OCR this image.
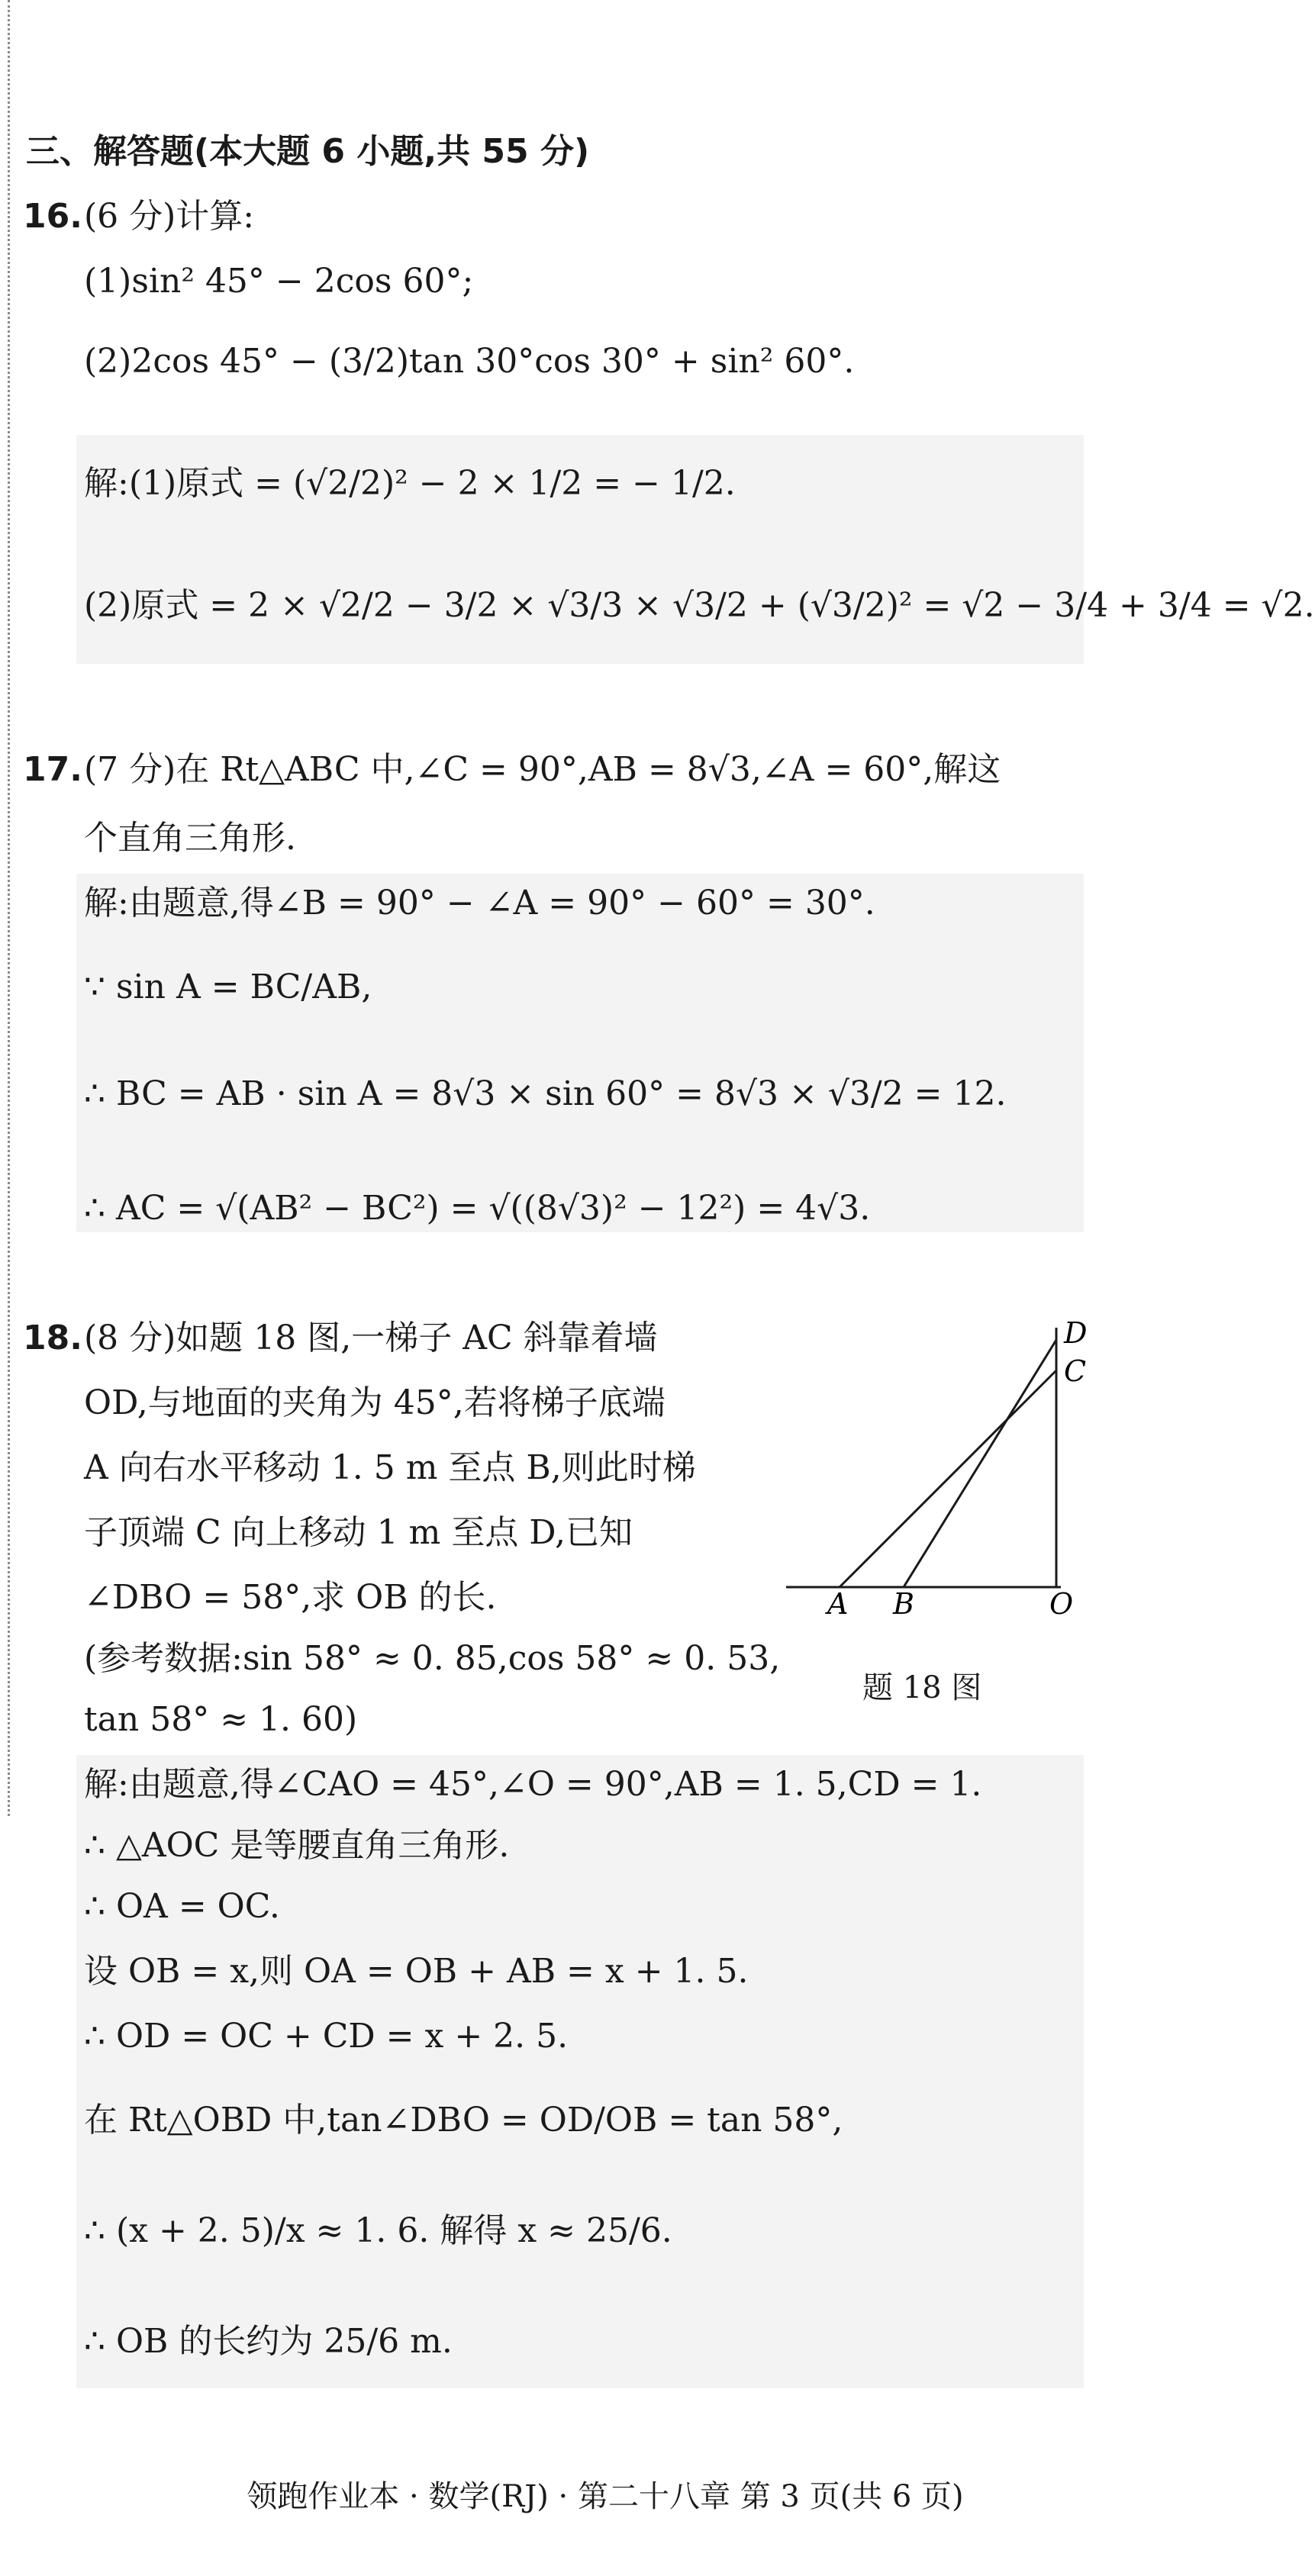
三、解答题(本大题 6 小题,共 55 分)
16. (6 分)计算:
(1)sin² 45° − 2cos 60°;
(2)2cos 45° − (3/2)tan 30°cos 30° + sin² 60°.
解:(1)原式 = (√2/2)² − 2 × 1/2 = − 1/2.
(2)原式 = 2 × √2/2 − 3/2 × √3/3 × √3/2 + (√3/2)² = √2 − 3/4 + 3/4 = √2.
17. (7 分)在 Rt△ABC 中,∠C = 90°,AB = 8√3,∠A = 60°,解这
个直角三角形.
解:由题意,得∠B = 90° − ∠A = 90° − 60° = 30°.
∵ sin A = BC/AB,
∴ BC = AB · sin A = 8√3 × sin 60° = 8√3 × √3/2 = 12.
∴ AC = √(AB² − BC²) = √((8√3)² − 12²) = 4√3.
18. (8 分)如题 18 图,一梯子 AC 斜靠着墙
OD,与地面的夹角为 45°,若将梯子底端
A 向右水平移动 1. 5 m 至点 B,则此时梯
子顶端 C 向上移动 1 m 至点 D,已知
∠DBO = 58°,求 OB 的长.
(参考数据:sin 58° ≈ 0. 85,cos 58° ≈ 0. 53,
tan 58° ≈ 1. 60)
解:由题意,得∠CAO = 45°,∠O = 90°,AB = 1. 5,CD = 1.
∴ △AOC 是等腰直角三角形.
∴ OA = OC.
设 OB = x,则 OA = OB + AB = x + 1. 5.
∴ OD = OC + CD = x + 2. 5.
在 Rt△OBD 中,tan∠DBO = OD/OB = tan 58°,
∴ (x + 2. 5)/x ≈ 1. 6. 解得 x ≈ 25/6.
∴ OB 的长约为 25/6 m.
A B	O
C
D
题 18 图
领跑作业本 · 数学(RJ) · 第二十八章 第 3 页(共 6 页)
